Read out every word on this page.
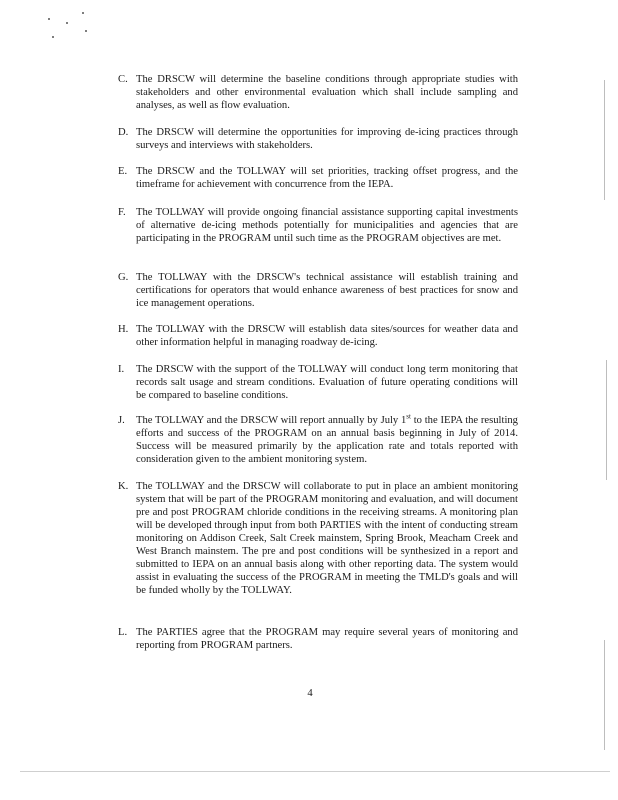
C. The DRSCW will determine the baseline conditions through appropriate studies with stakeholders and other environmental evaluation which shall include sampling and analyses, as well as flow evaluation.
D. The DRSCW will determine the opportunities for improving de-icing practices through surveys and interviews with stakeholders.
E. The DRSCW and the TOLLWAY will set priorities, tracking offset progress, and the timeframe for achievement with concurrence from the IEPA.
F. The TOLLWAY will provide ongoing financial assistance supporting capital investments of alternative de-icing methods potentially for municipalities and agencies that are participating in the PROGRAM until such time as the PROGRAM objectives are met.
G. The TOLLWAY with the DRSCW's technical assistance will establish training and certifications for operators that would enhance awareness of best practices for snow and ice management operations.
H. The TOLLWAY with the DRSCW will establish data sites/sources for weather data and other information helpful in managing roadway de-icing.
I.	The DRSCW with the support of the TOLLWAY will conduct long term monitoring that records salt usage and stream conditions. Evaluation of future operating conditions will be compared to baseline conditions.
J.	The TOLLWAY and the DRSCW will report annually by July 1st to the IEPA the resulting efforts and success of the PROGRAM on an annual basis beginning in July of 2014. Success will be measured primarily by the application rate and totals reported with consideration given to the ambient monitoring system.
K. The TOLLWAY and the DRSCW will collaborate to put in place an ambient monitoring system that will be part of the PROGRAM monitoring and evaluation, and will document pre and post PROGRAM chloride conditions in the receiving streams. A monitoring plan will be developed through input from both PARTIES with the intent of conducting stream monitoring on Addison Creek, Salt Creek mainstem, Spring Brook, Meacham Creek and West Branch mainstem. The pre and post conditions will be synthesized in a report and submitted to IEPA on an annual basis along with other reporting data. The system would assist in evaluating the success of the PROGRAM in meeting the TMLD's goals and will be funded wholly by the TOLLWAY.
L. The PARTIES agree that the PROGRAM may require several years of monitoring and reporting from PROGRAM partners.
4
